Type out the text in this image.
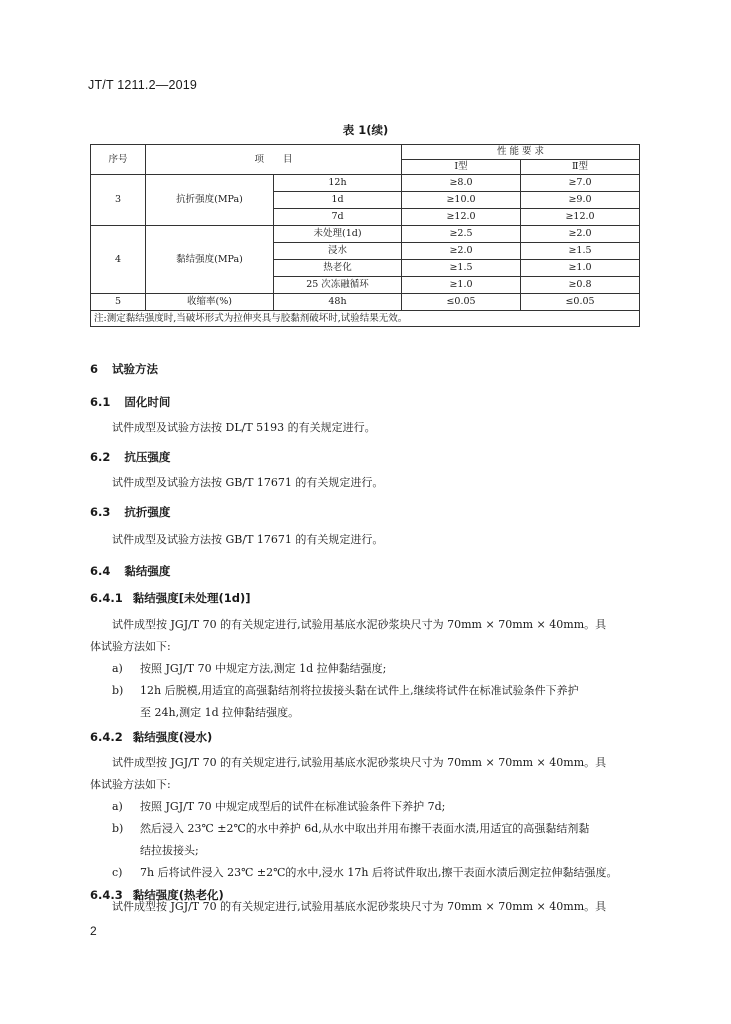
JT/T 1211.2—2019
表 1(续)
序号	项　　目		性 能 要 求	
			Ⅰ型	Ⅱ型
3	抗折强度(MPa)	12h	≥8.0	≥7.0
		1d	≥10.0	≥9.0
		7d	≥12.0	≥12.0
4	黏结强度(MPa)	未处理(1d)	≥2.5	≥2.0
		浸水	≥2.0	≥1.5
		热老化	≥1.5	≥1.0
		25 次冻融循环	≥1.0	≥0.8
5	收缩率(%)	48h	≤0.05	≤0.05
注:测定黏结强度时,当破坏形式为拉伸夹具与胶黏剂破坏时,试验结果无效。				
6 试验方法
6.1 固化时间
试件成型及试验方法按 DL/T 5193 的有关规定进行。
6.2 抗压强度
试件成型及试验方法按 GB/T 17671 的有关规定进行。
6.3 抗折强度
试件成型及试验方法按 GB/T 17671 的有关规定进行。
6.4 黏结强度
6.4.1 黏结强度[未处理(1d)]
试件成型按 JGJ/T 70 的有关规定进行,试验用基底水泥砂浆块尺寸为 70mm × 70mm × 40mm。具
体试验方法如下:
a) 按照 JGJ/T 70 中规定方法,测定 1d 拉伸黏结强度;
b) 12h 后脱模,用适宜的高强黏结剂将拉拔接头黏在试件上,继续将试件在标准试验条件下养护
至 24h,测定 1d 拉伸黏结强度。
6.4.2 黏结强度(浸水)
试件成型按 JGJ/T 70 的有关规定进行,试验用基底水泥砂浆块尺寸为 70mm × 70mm × 40mm。具
体试验方法如下:
a) 按照 JGJ/T 70 中规定成型后的试件在标准试验条件下养护 7d;
b) 然后浸入 23℃ ±2℃的水中养护 6d,从水中取出并用布擦干表面水渍,用适宜的高强黏结剂黏
结拉拔接头;
c) 7h 后将试件浸入 23℃ ±2℃的水中,浸水 17h 后将试件取出,擦干表面水渍后测定拉伸黏结强度。
6.4.3 黏结强度(热老化)
试件成型按 JGJ/T 70 的有关规定进行,试验用基底水泥砂浆块尺寸为 70mm × 70mm × 40mm。具
2
